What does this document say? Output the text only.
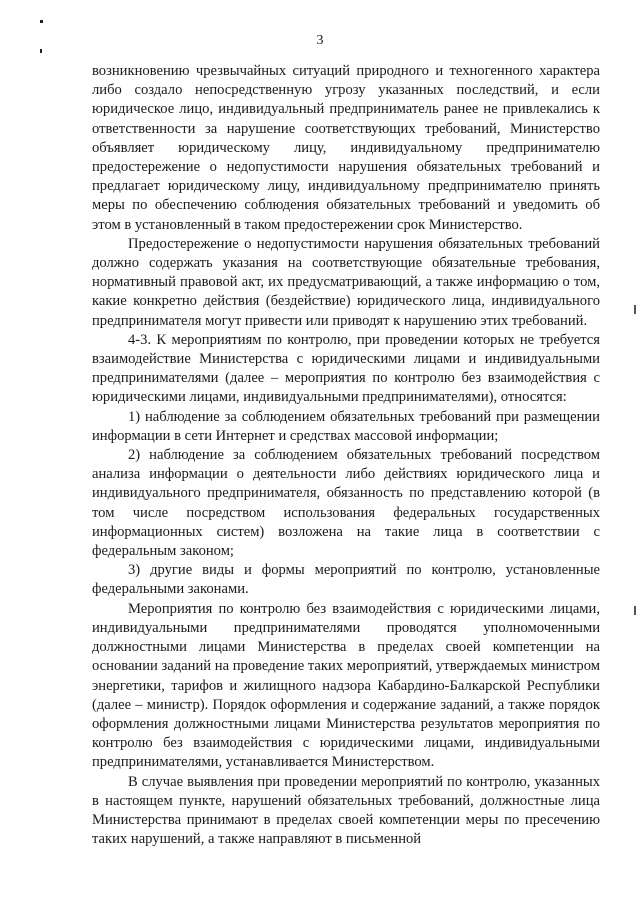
3

возникновению чрезвычайных ситуаций природного и техногенного характера либо создало непосредственную угрозу указанных последствий, и если юридическое лицо, индивидуальный предприниматель ранее не привлекались к ответственности за нарушение соответствующих требований, Министерство объявляет юридическому лицу, индивидуальному предпринимателю предостережение о недопустимости нарушения обязательных требований и предлагает юридическому лицу, индивидуальному предпринимателю принять меры по обеспечению соблюдения обязательных требований и уведомить об этом в установленный в таком предостережении срок Министерство.

Предостережение о недопустимости нарушения обязательных требований должно содержать указания на соответствующие обязательные требования, нормативный правовой акт, их предусматривающий, а также информацию о том, какие конкретно действия (бездействие) юридического лица, индивидуального предпринимателя могут привести или приводят к нарушению этих требований.

4-3. К мероприятиям по контролю, при проведении которых не требуется взаимодействие Министерства с юридическими лицами и индивидуальными предпринимателями (далее – мероприятия по контролю без взаимодействия с юридическими лицами, индивидуальными предпринимателями), относятся:

1) наблюдение за соблюдением обязательных требований при размещении информации в сети Интернет и средствах массовой информации;

2) наблюдение за соблюдением обязательных требований посредством анализа информации о деятельности либо действиях юридического лица и индивидуального предпринимателя, обязанность по представлению которой (в том числе посредством использования федеральных государственных информационных систем) возложена на такие лица в соответствии с федеральным законом;

3) другие виды и формы мероприятий по контролю, установленные федеральными законами.

Мероприятия по контролю без взаимодействия с юридическими лицами, индивидуальными предпринимателями проводятся уполномоченными должностными лицами Министерства в пределах своей компетенции на основании заданий на проведение таких мероприятий, утверждаемых министром энергетики, тарифов и жилищного надзора Кабардино-Балкарской Республики (далее – министр). Порядок оформления и содержание заданий, а также порядок оформления должностными лицами Министерства результатов мероприятия по контролю без взаимодействия с юридическими лицами, индивидуальными предпринимателями, устанавливается Министерством.

В случае выявления при проведении мероприятий по контролю, указанных в настоящем пункте, нарушений обязательных требований, должностные лица Министерства принимают в пределах своей компетенции меры по пресечению таких нарушений, а также направляют в письменной
